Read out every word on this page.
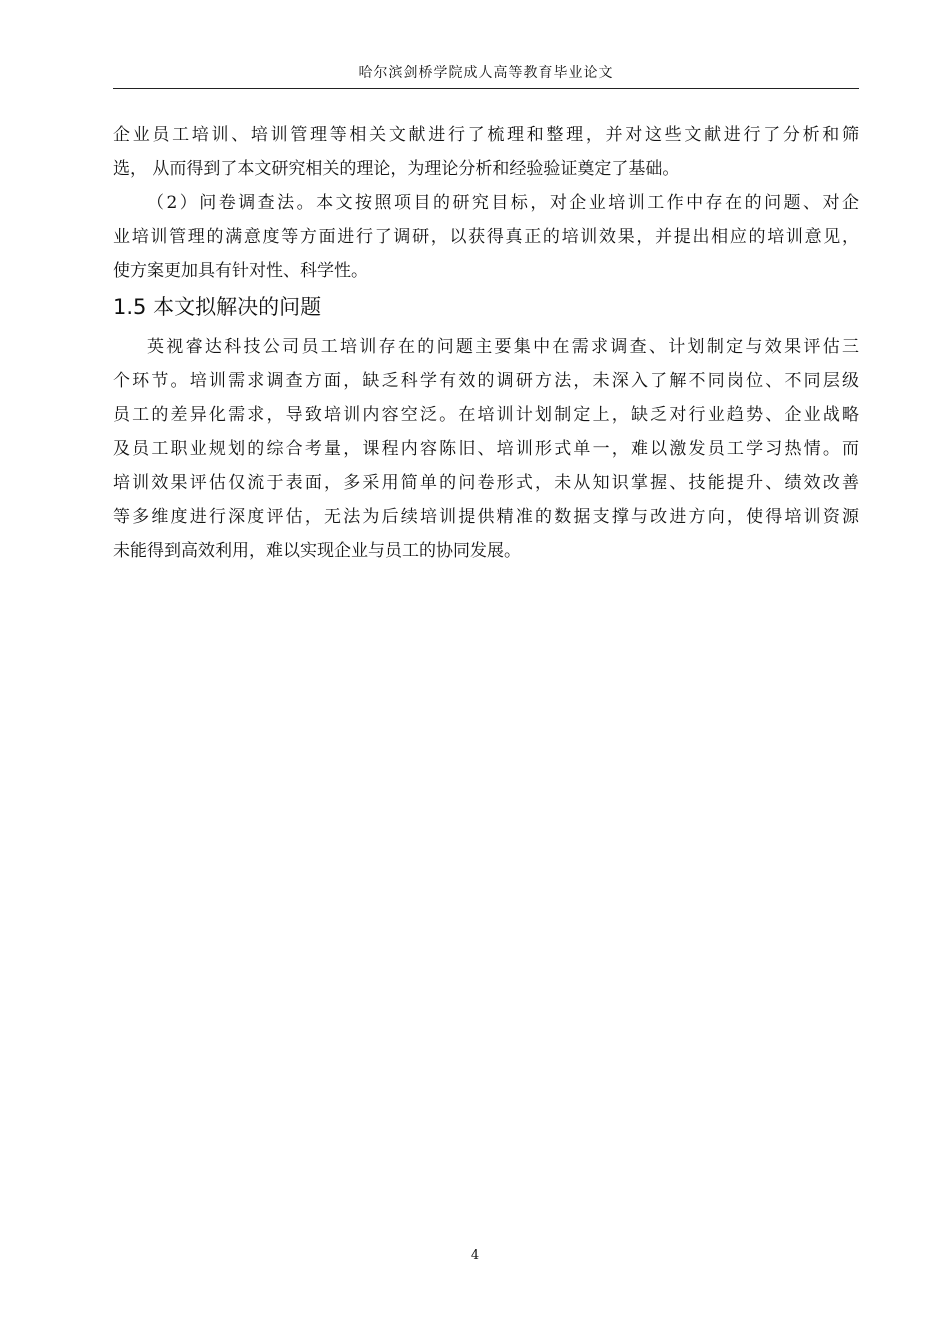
哈尔滨剑桥学院成人高等教育毕业论文
企业员工培训、培训管理等相关文献进行了梳理和整理，并对这些文献进行了分析和筛
选， 从而得到了本文研究相关的理论，为理论分析和经验验证奠定了基础。
（2）问卷调查法。本文按照项目的研究目标，对企业培训工作中存在的问题、对企
业培训管理的满意度等方面进行了调研，以获得真正的培训效果，并提出相应的培训意见，
使方案更加具有针对性、科学性。
1.5 本文拟解决的问题
英视睿达科技公司员工培训存在的问题主要集中在需求调查、计划制定与效果评估三
个环节。培训需求调查方面，缺乏科学有效的调研方法，未深入了解不同岗位、不同层级
员工的差异化需求，导致培训内容空泛。在培训计划制定上，缺乏对行业趋势、企业战略
及员工职业规划的综合考量，课程内容陈旧、培训形式单一，难以激发员工学习热情。而
培训效果评估仅流于表面，多采用简单的问卷形式，未从知识掌握、技能提升、绩效改善
等多维度进行深度评估，无法为后续培训提供精准的数据支撑与改进方向，使得培训资源
未能得到高效利用，难以实现企业与员工的协同发展。
4
